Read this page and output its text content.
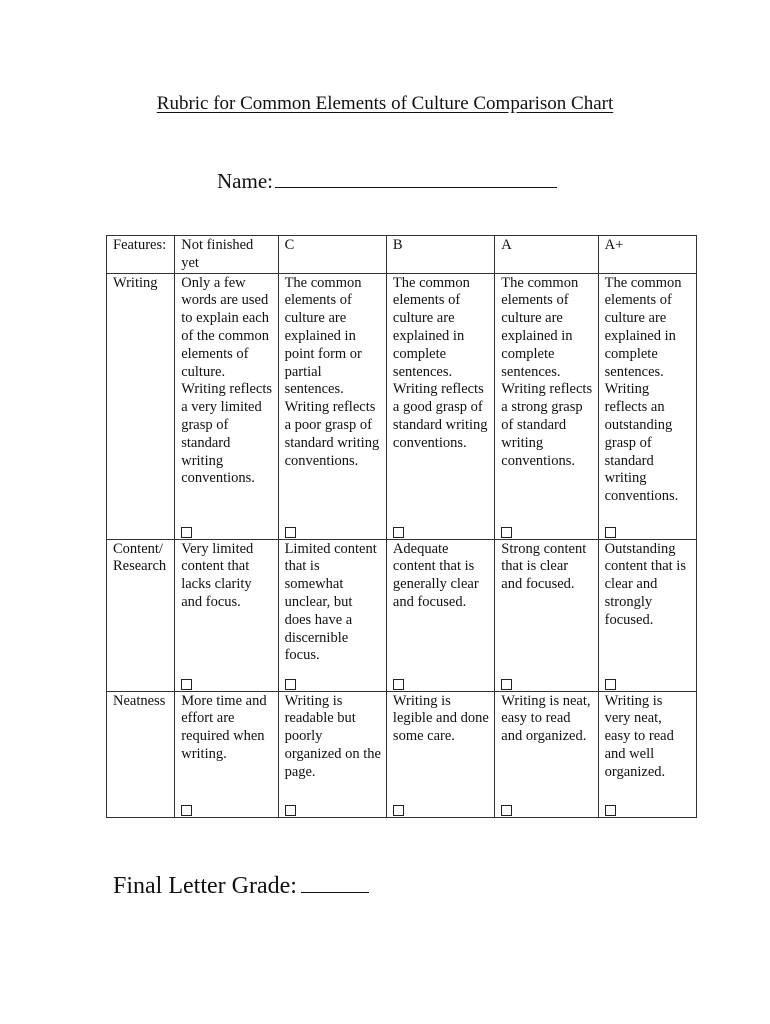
Rubric for Common Elements of Culture Comparison Chart
Name:
Features:	Not finished yet	C	B	A	A+
Writing	Only a few words are used to explain each of the common elements of culture. Writing reflects a very limited grasp of standard writing conventions.	The common elements of culture are explained in point form or partial sentences. Writing reflects a poor grasp of standard writing conventions.	The common elements of culture are explained in complete sentences. Writing reflects a good grasp of standard writing conventions.	The common elements of culture are explained in complete sentences. Writing reflects a strong grasp of standard writing conventions.	The common elements of culture are explained in complete sentences. Writing reflects an outstanding grasp of standard writing conventions.

Content/ Research	Very limited content that lacks clarity and focus.	Limited content that is somewhat unclear, but does have a discernible focus.	Adequate content that is generally clear and focused.	Strong content that is clear and focused.	Outstanding content that is clear and strongly focused.

Neatness	More time and effort are required when writing.	Writing is readable but poorly organized on the page.	Writing is legible and done some care.	Writing is neat, easy to read and organized.	Writing is very neat, easy to read and well organized.
Final Letter Grade:
